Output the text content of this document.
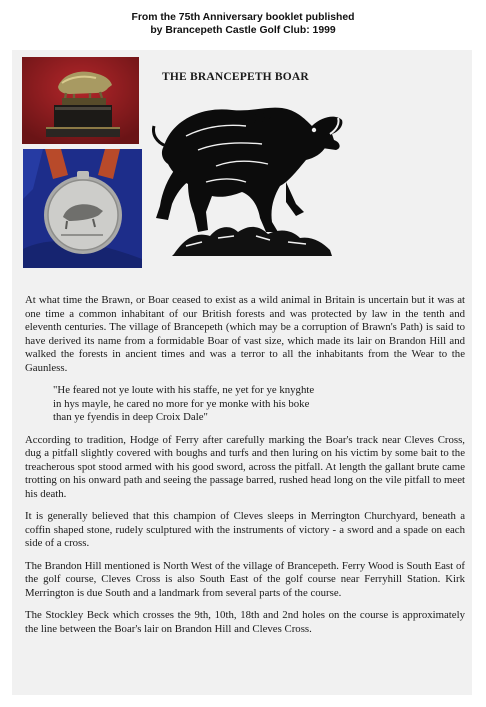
From the 75th Anniversary booklet published
by Brancepeth Castle Golf Club: 1999
THE BRANCEPETH BOAR

At what time the Brawn, or Boar ceased to exist as a wild animal in Britain is uncertain but it was at one time a common inhabitant of our British forests and was protected by law in the tenth and eleventh centuries. The village of Brancepeth (which may be a corruption of Brawn's Path) is said to have derived its name from a formidable Boar of vast size, which made its lair on Brandon Hill and walked the forests in ancient times and was a terror to all the inhabitants from the Wear to the Gaunless.

"He feared not ye loute with his staffe, ne yet for ye knyghte
in hys mayle, he cared no more for ye monke with his boke
than ye fyendis in deep Croix Dale"

According to tradition, Hodge of Ferry after carefully marking the Boar's track near Cleves Cross, dug a pitfall slightly covered with boughs and turfs and then luring on his victim by some bait to the treacherous spot stood armed with his good sword, across the pitfall. At length the gallant brute came trotting on his onward path and seeing the passage barred, rushed head long on the vile pitfall to meet his death.

It is generally believed that this champion of Cleves sleeps in Merrington Churchyard, beneath a coffin shaped stone, rudely sculptured with the instruments of victory - a sword and a spade on each side of a cross.

The Brandon Hill mentioned is North West of the village of Brancepeth. Ferry Wood is South East of the golf course, Cleves Cross is also South East of the golf course near Ferryhill Station. Kirk Merrington is due South and a landmark from several parts of the course.

The Stockley Beck which crosses the 9th, 10th, 18th and 2nd holes on the course is approximately the line between the Boar's lair on Brandon Hill and Cleves Cross.
